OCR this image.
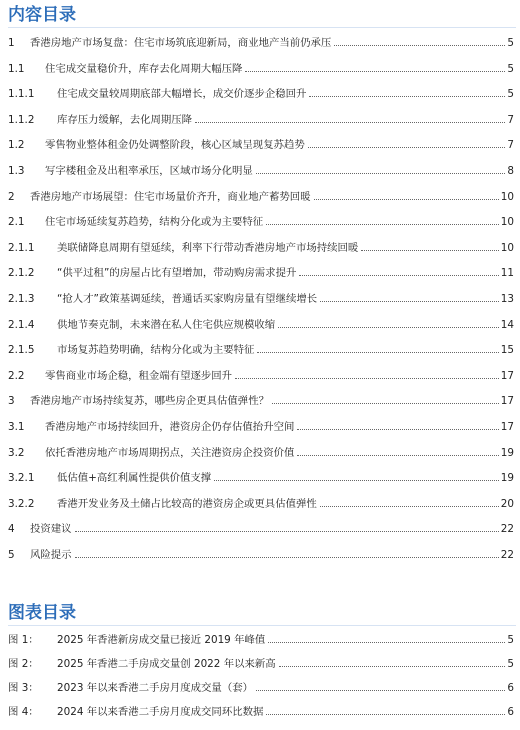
内容目录
1 香港房地产市场复盘：住宅市场筑底迎新局，商业地产当前仍承压	5
1.1 住宅成交量稳价升，库存去化周期大幅压降	5
1.1.1 住宅成交量较周期底部大幅增长，成交价逐步企稳回升	5
1.1.2 库存压力缓解，去化周期压降	7
1.2 零售物业整体租金仍处调整阶段，核心区域呈现复苏趋势	7
1.3 写字楼租金及出租率承压，区域市场分化明显	8
2 香港房地产市场展望：住宅市场量价齐升，商业地产蓄势回暖	10
2.1 住宅市场延续复苏趋势，结构分化或为主要特征	10
2.1.1 美联储降息周期有望延续，利率下行带动香港房地产市场持续回暖	10
2.1.2 “供平过租”的房屋占比有望增加，带动购房需求提升	11
2.1.3 “抢人才”政策基调延续，普通话买家购房量有望继续增长	13
2.1.4 供地节奏克制，未来潜在私人住宅供应规模收缩	14
2.1.5 市场复苏趋势明确，结构分化或为主要特征	15
2.2 零售商业市场企稳，租金端有望逐步回升	17
3 香港房地产市场持续复苏，哪些房企更具估值弹性？	17
3.1 香港房地产市场持续回升，港资房企仍存估值抬升空间	17
3.2 依托香港房地产市场周期拐点，关注港资房企投资价值	19
3.2.1 低估值+高红利属性提供价值支撑	19
3.2.2 香港开发业务及土储占比较高的港资房企或更具估值弹性	20
4 投资建议	22
5 风险提示	22
图表目录
图 1： 2025 年香港新房成交量已接近 2019 年峰值	5
图 2： 2025 年香港二手房成交量创 2022 年以来新高	5
图 3： 2023 年以来香港二手房月度成交量（套）	6
图 4： 2024 年以来香港二手房月度成交同环比数据	6
